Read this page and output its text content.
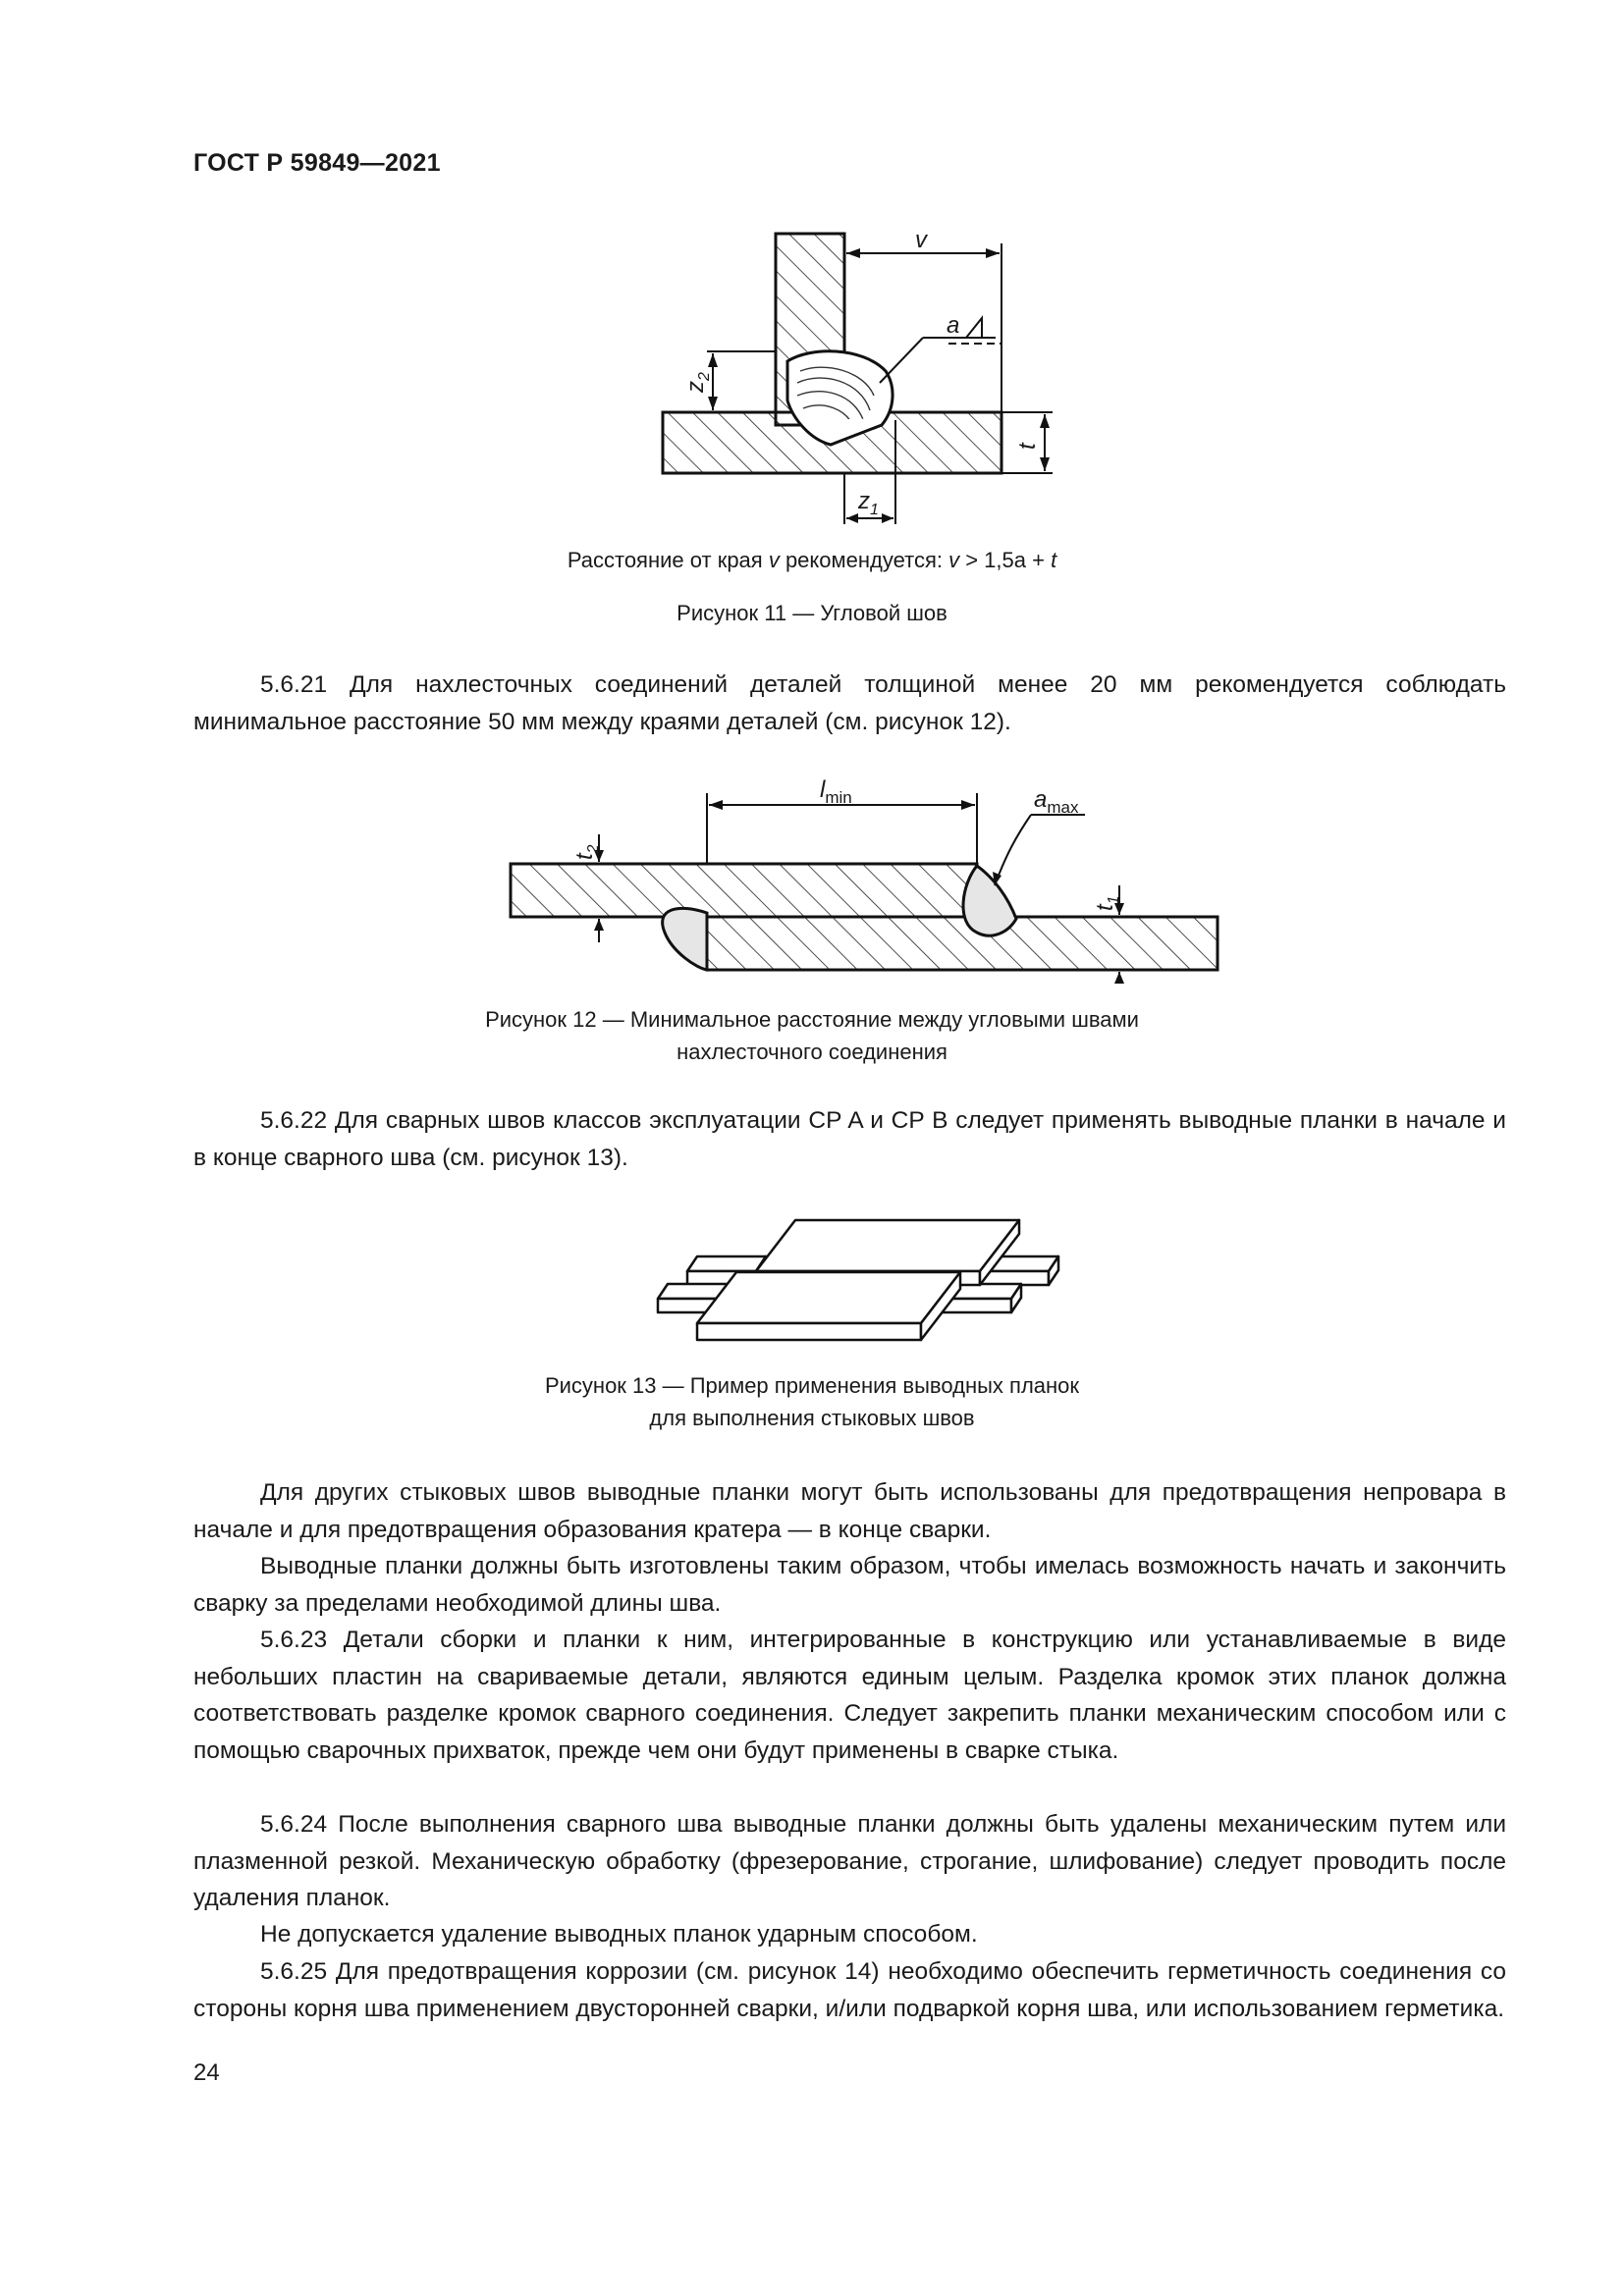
ГОСТ Р 59849—2021
v
a
$z_2$
t
$z_1$
Расстояние от края v рекомендуется: v > 1,5a + t
Рисунок 11 — Угловой шов

5.6.21 Для нахлесточных соединений деталей толщиной менее 20 мм рекомендуется соблюдать минимальное расстояние 50 мм между краями деталей (см. рисунок 12).

$l_{min}$	$a_{max}$
$t_2$
$t_1$
Рисунок 12 — Минимальное расстояние между угловыми швами
нахлесточного соединения

5.6.22 Для сварных швов классов эксплуатации CP A и CP B следует применять выводные планки в начале и в конце сварного шва (см. рисунок 13).

Рисунок 13 — Пример применения выводных планок
для выполнения стыковых швов

Для других стыковых швов выводные планки могут быть использованы для предотвращения непровара в начале и для предотвращения образования кратера — в конце сварки.

Выводные планки должны быть изготовлены таким образом, чтобы имелась возможность начать и закончить сварку за пределами необходимой длины шва.

5.6.23 Детали сборки и планки к ним, интегрированные в конструкцию или устанавливаемые в виде небольших пластин на свариваемые детали, являются единым целым. Разделка кромок этих планок должна соответствовать разделке кромок сварного соединения. Следует закрепить планки механическим способом или с помощью сварочных прихваток, прежде чем они будут применены в сварке стыка.

5.6.24 После выполнения сварного шва выводные планки должны быть удалены механическим путем или плазменной резкой. Механическую обработку (фрезерование, строгание, шлифование) следует проводить после удаления планок.

Не допускается удаление выводных планок ударным способом.

5.6.25 Для предотвращения коррозии (см. рисунок 14) необходимо обеспечить герметичность соединения со стороны корня шва применением двусторонней сварки, и/или подваркой корня шва, или использованием герметика.

24
